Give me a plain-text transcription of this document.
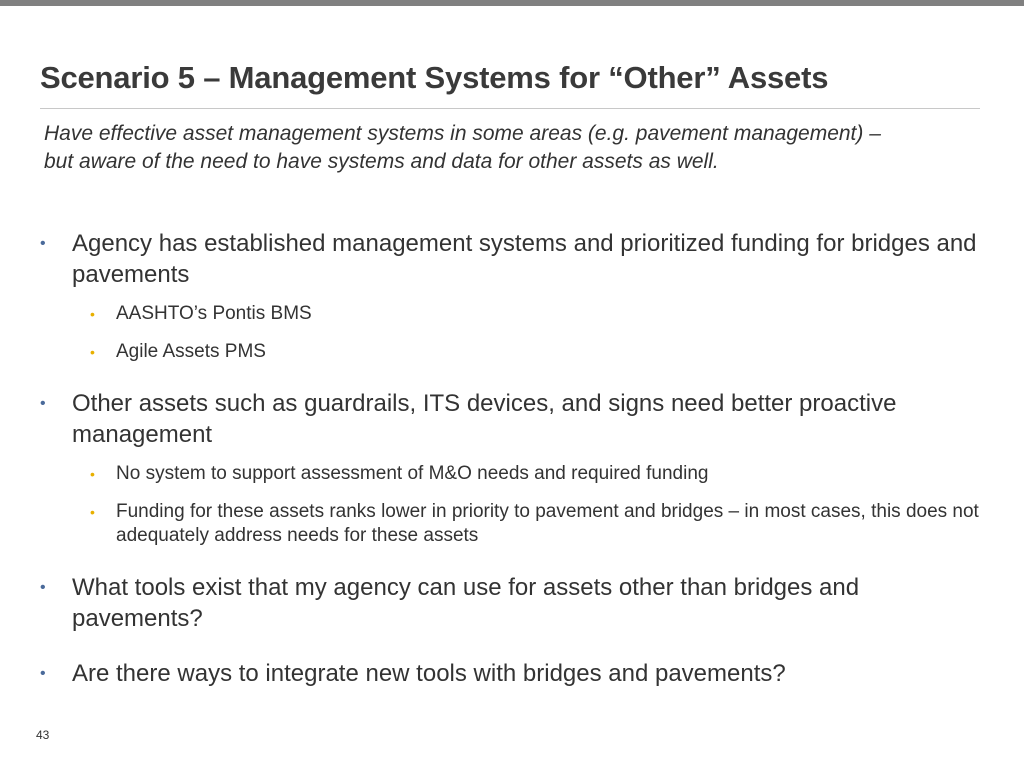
Scenario 5 – Management Systems for “Other” Assets

Have effective asset management systems in some areas (e.g. pavement management) – but aware of the need to have systems and data for other assets as well.

• Agency has established management systems and prioritized funding for bridges and pavements
• AASHTO’s Pontis BMS
• Agile Assets PMS
• Other assets such as guardrails, ITS devices, and signs need better proactive management
• No system to support assessment of M&O needs and required funding
• Funding for these assets ranks lower in priority to pavement and bridges – in most cases, this does not adequately address needs for these assets
• What tools exist that my agency can use for assets other than bridges and pavements?
• Are there ways to integrate new tools with bridges and pavements?
43
